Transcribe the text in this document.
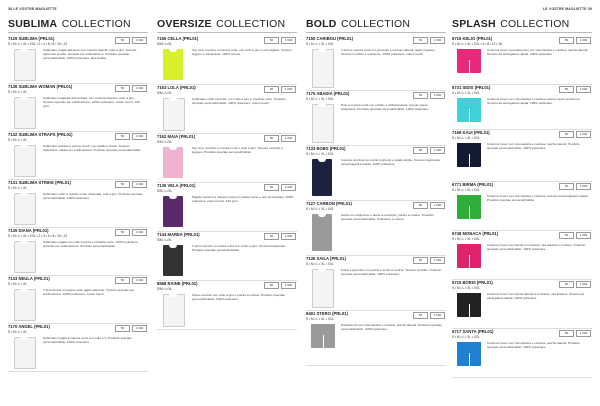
38 LE VOSTRE MAGLIETTE	LE VOSTRE MAGLIETTE 39
SUBLIMA COLLECTION
7129 SUBLIMA (PRL01)
S • M • L • XL • XXL • 2 • 4 • 6 • 8 • 10 • 12
50	1 000
Sublimato maglia aderente con cuciture laterali, collo a giro. Tessuto piacevole al tatto, speciale per sublimazione. Prodotto speciale personalizzabile. 100% poliestere, alta qualità.
7136 SUBLIMA WOMAN (PRL01)
S • M • L • XL
50	1 000
Sublimato maglietta donna fitted, con cuciture laterali e collo a giro. Tessuto speciale per sublimazione. 100% poliestere, cotton touch, 140 g/m².
7132 SUBLIMA STRAPS (PRL01)
S • M • L • XL
50	1 000
Sublimato canotta in cotone touch, con spalline strette. Tessuto traspirante, ideale per sublimazione. Prodotto speciale personalizzabile.
7131 SUBLIMA STRIKE (PRL01)
S • M • L • XL
50	1 000
Sublimato t-shirt a manica corta, sfoderata, colli a giro. Prodotto speciale personalizzabile, 100% poliestere.
7135 DIANA (PRL01)
S • M • L • XL • XXL • 2 • 4 • 6 • 8 • 10 • 12
50	1 000
Sublimato maglia con collo a barca e maniche corte. 100% poliestere, speciale per sublimazione. Prodotto personalizzabile.
7133 NEULA (PRL01)
S • M • L • XL
50	1 000
T-shirt donna a manica corta, taglio aderente. Tessuto speciale per sublimazione. 100% poliestere, cotton touch.
7170 ANGEL (PRL01)
S • M • L • XL
50	1 000
Sublimato maglia a manica corta con collo a V. Prodotto speciale personalizzabile, 100% poliestere.
OVERSIZE COLLECTION
7165 CELLA (PRL01)
S/M • L/XL
50	1 000
Top crop oversize a manica corta, con collo a giro e orlo tagliato. Tessuto leggero e traspirante. 100% cotone.
7163 LOLA (PRL01)
S/M • L/XL
50	1 000
Sublimato t-shirt oversize, con collo a giro e maniche corte. Prodotto speciale personalizzabile. 100% poliestere, cotton touch.
7162 MAIA (PRL01)
S/M • L/XL
50	1 000
Top crop oversize a manica corta e collo a giro. Tessuto morbido e leggero. Prodotto speciale personalizzabile.
7136 VELA (PRL01)
S/M • L/XL
50	1 000
Maglia oversize a manica corta con spalle scese e orlo arrotondato. 100% poliestere, cotton touch, 140 g/m².
7144 MAREA (PRL01)
S/M • L/XL
50	1 000
T-shirt oversize a manica corta con scollo a giro. Tessuto traspirante. Prodotto speciale personalizzabile.
8568 RAINE (PRL01)
S/M • L/XL
50	1 000
Felpa oversize con collo a giro e polsini a costine. Prodotto speciale personalizzabile. 100% poliestere.
BOLD COLLECTION
7150 CARIBOU (PRL01)
S • M • L • XL • XXL
50	1 000
T-shirt a manica corta con girocollo e cuciture laterali, taglio regolare. Tessuto morbido e resistente. 100% poliestere, cotton touch.
7175 ABADIA (PRL01)
S • M • L • XL • XXL
50	1 000
Polo a manica corta con colletto e abbottonatura, tessuto piqué traspirante. Prodotto speciale personalizzabile. 100% poliestere.
7133 BOBS (PRL01)
S • M • L • XL • XXL
50	1 000
Canotta sportiva con scollo profondo e spalle larghe. Tessuto traspirante ad asciugatura rapida. 100% poliestere.
7127 CARBON (PRL01)
S • M • L • XL • XXL
50	1 000
Felpa con cappuccio e tasca a marsupio, polsini a costine. Prodotto speciale personalizzabile. Poliestere e cotone.
7136 SAILA (PRL01)
S • M • L • XL • XXL
50	1 000
Felpa a girocollo con polsini e fondo a costine. Tessuto morbido. Prodotto speciale personalizzabile. 100% poliestere.
8491 STERO (PRL01)
S • M • L • XL • XXL
50	1 000
Pantaloncini con vita elastica e coulisse, tasche laterali. Prodotto speciale personalizzabile. 100% poliestere.
SPLASH COLLECTION
6716 KELIO (PRL01)
S • M • L • XL • XXL • 4 • 8 • 12 • 16
50	1 000
Costume boxer a pantaloncino con vita elastica e coulisse, tasche laterali. Tessuto ad asciugatura rapida. 100% poliestere.
6731 SIDIS (PRL01)
S • M • L • XL • XXL
50	1 000
Costume boxer con vita elastica e coulisse interna, tasca posteriore. Tessuto ad asciugatura rapida. 100% poliestere.
7168 KAUI (PRL01)
S • M • L • XL • XXL
50	1 000
Costume boxer con vita elastica e coulisse, tasche laterali. Prodotto speciale personalizzabile. 100% poliestere.
6771 BIRMA (PRL01)
S • M • L • XL • XXL
50	1 000
Costume boxer con vita elastica e coulisse, tessuto ad asciugatura rapida. Prodotto speciale personalizzabile.
6748 MONACA (PRL01)
S • M • L • XL • XXL
50	1 000
Costume boxer con banda a contrasto, vita elastica e coulisse. Prodotto speciale personalizzabile. 100% poliestere.
6715 BORIS (PRL01)
S • M • L • XL • XXL
50	1 000
Costume boxer con bande laterali a contrasto, vita elastica. Tessuto ad asciugatura rapida. 100% poliestere.
6717 SANTA (PRL01)
S • M • L • XL • XXL
50	1 000
Costume boxer con vita elastica e coulisse, tasche laterali. Prodotto speciale personalizzabile. 100% poliestere.
